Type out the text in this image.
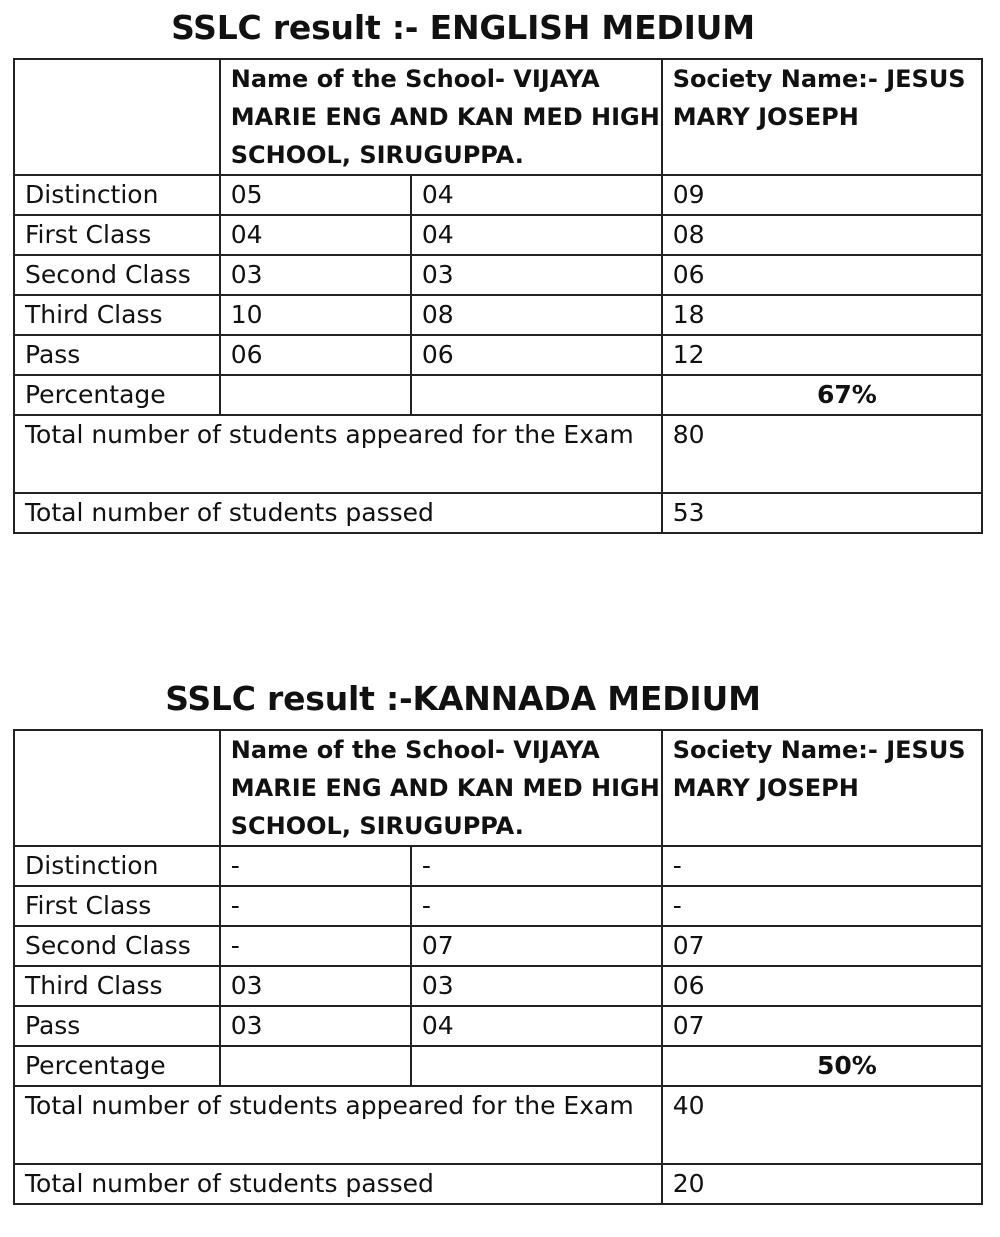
SSLC result :- ENGLISH MEDIUM
	Name of the School- VIJAYA MARIE ENG AND KAN MED HIGH SCHOOL, SIRUGUPPA.		Society Name:- JESUS MARY JOSEPH
Distinction	05	04	09
First Class	04	04	08
Second Class	03	03	06
Third Class	10	08	18
Pass	06	06	12
Percentage			67%
Total number of students appeared for the Exam			80
Total number of students passed			53
SSLC result :-KANNADA MEDIUM
	Name of the School- VIJAYA MARIE ENG AND KAN MED HIGH SCHOOL, SIRUGUPPA.		Society Name:- JESUS MARY JOSEPH
Distinction	-	-	-
First Class	-	-	-
Second Class	-	07	07
Third Class	03	03	06
Pass	03	04	07
Percentage			50%
Total number of students appeared for the Exam			40
Total number of students passed			20
